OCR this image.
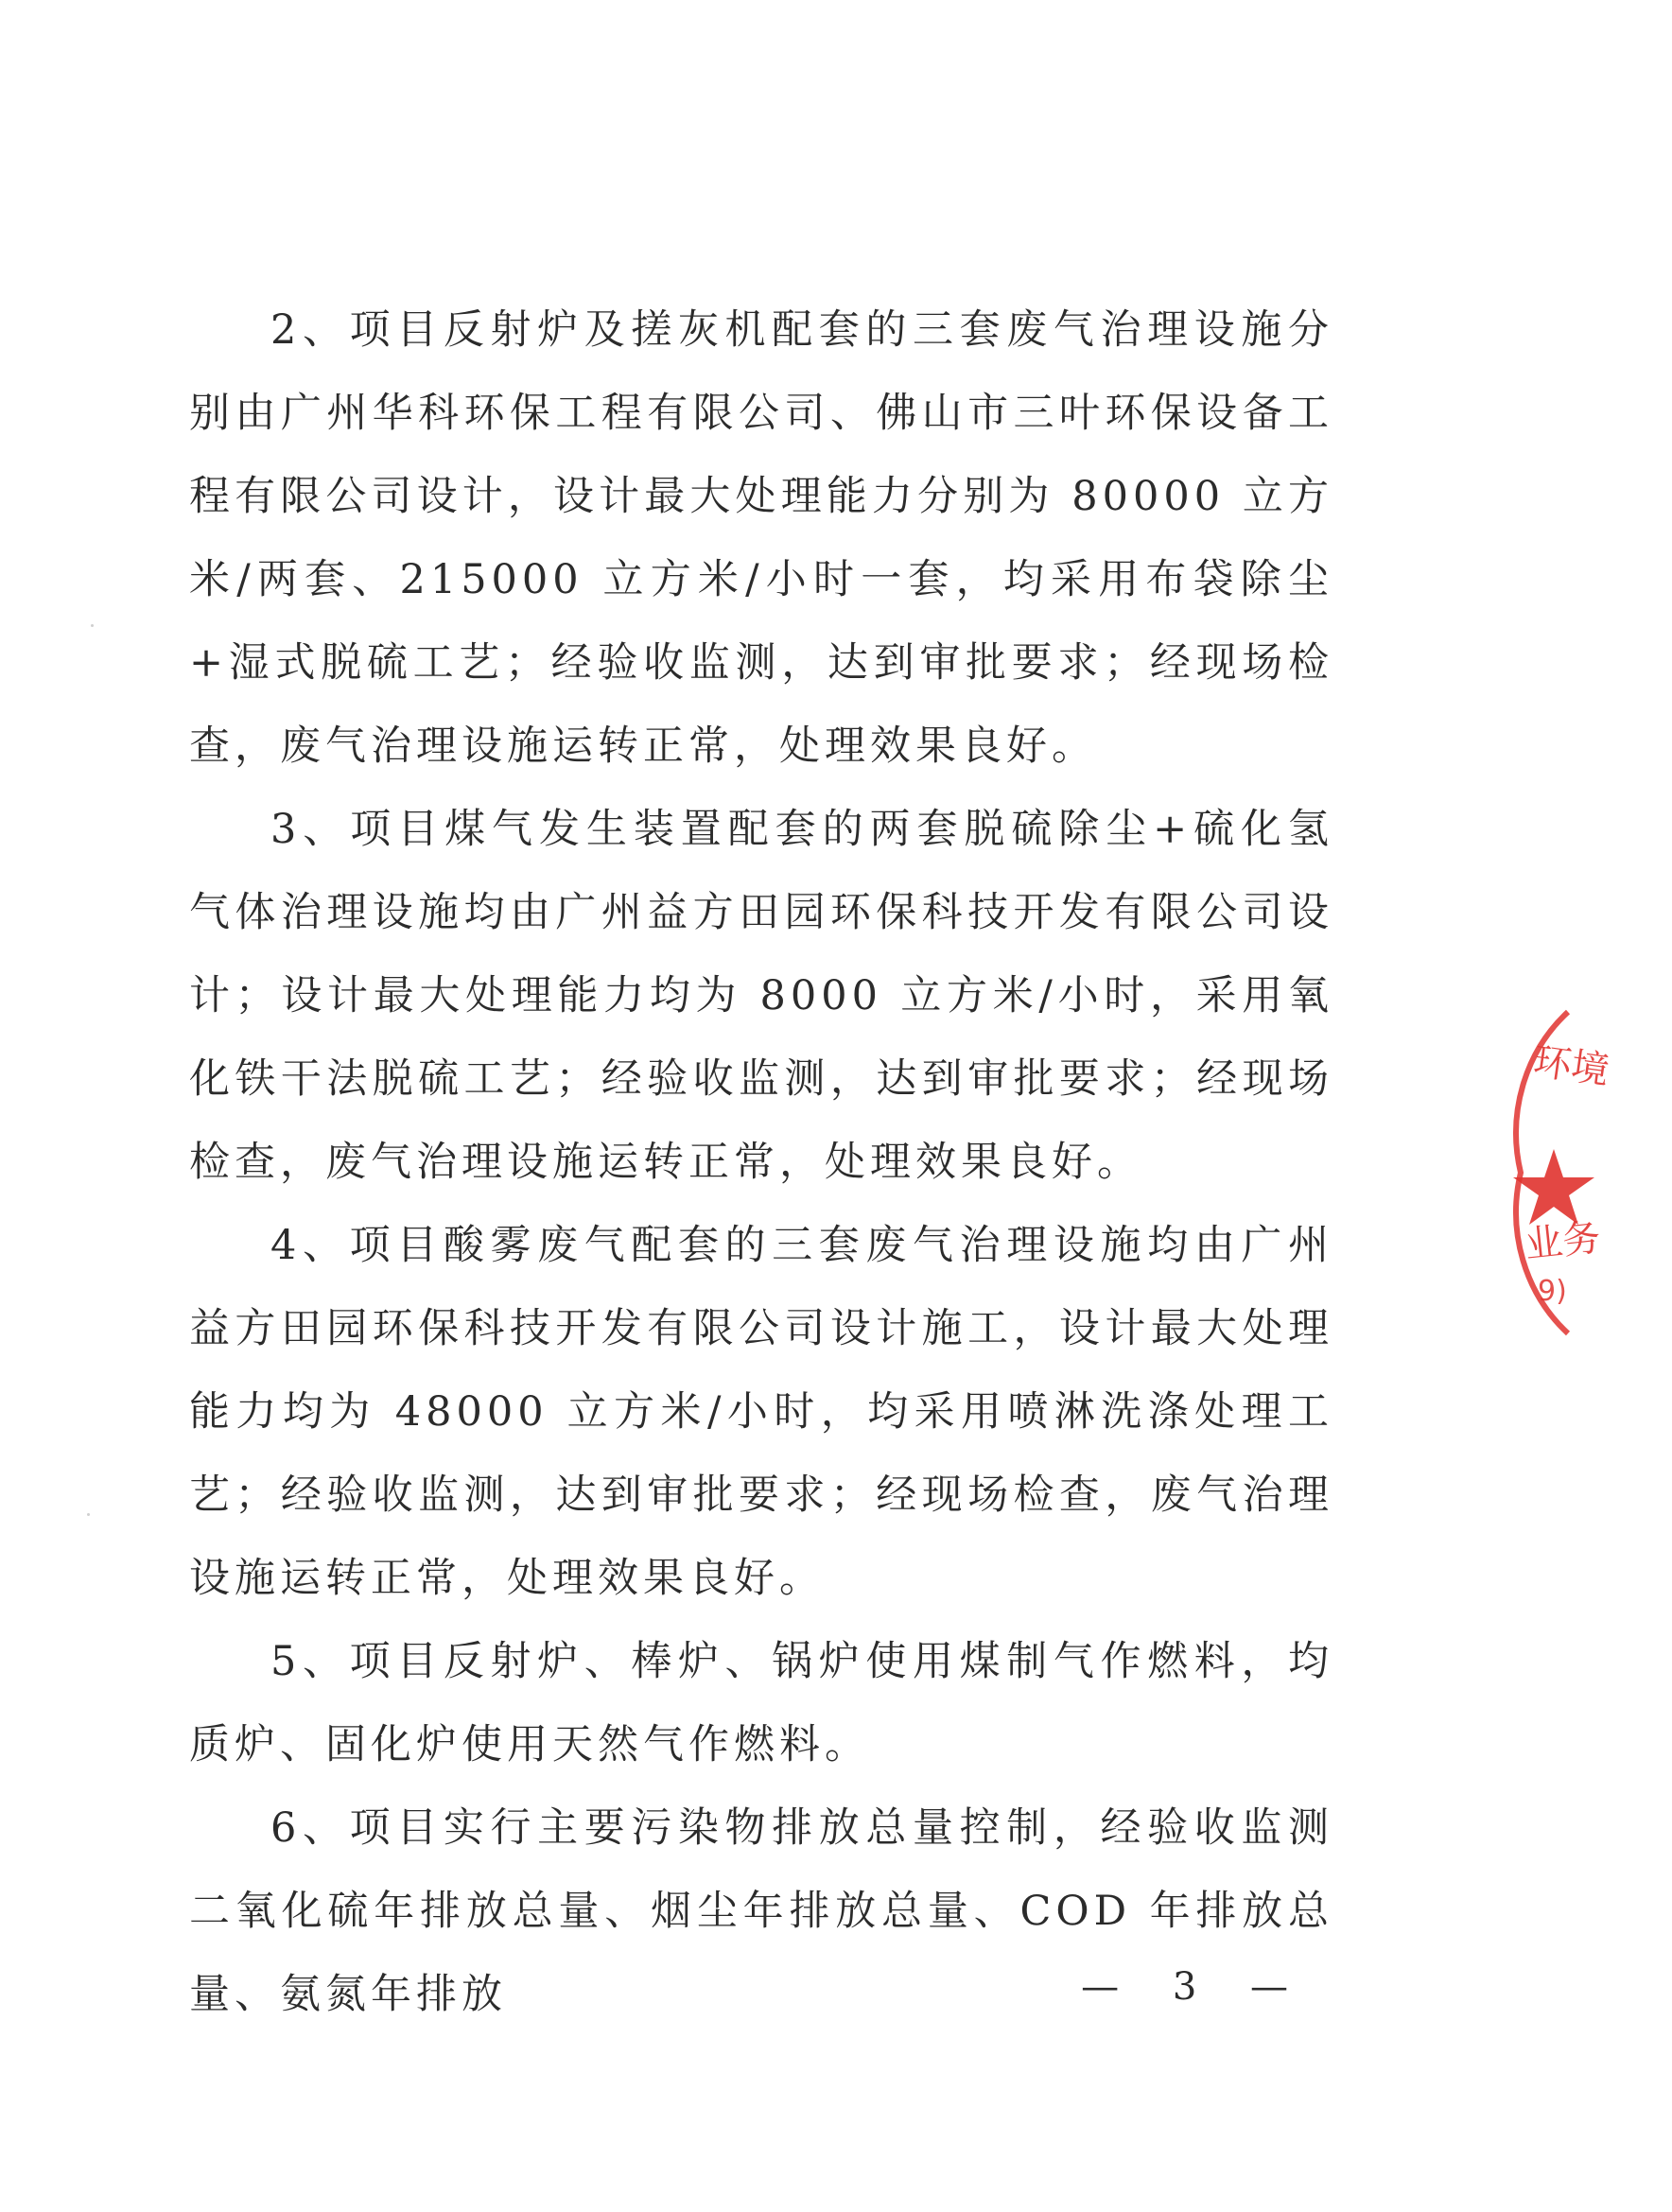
2、项目反射炉及搓灰机配套的三套废气治理设施分别由广州华科环保工程有限公司、佛山市三叶环保设备工程有限公司设计，设计最大处理能力分别为 80000 立方米/两套、215000 立方米/小时一套，均采用布袋除尘+湿式脱硫工艺；经验收监测，达到审批要求；经现场检查，废气治理设施运转正常，处理效果良好。

3、项目煤气发生装置配套的两套脱硫除尘+硫化氢气体治理设施均由广州益方田园环保科技开发有限公司设计；设计最大处理能力均为 8000 立方米/小时，采用氧化铁干法脱硫工艺；经验收监测，达到审批要求；经现场检查，废气治理设施运转正常，处理效果良好。

4、项目酸雾废气配套的三套废气治理设施均由广州益方田园环保科技开发有限公司设计施工，设计最大处理能力均为 48000 立方米/小时，均采用喷淋洗涤处理工艺；经验收监测，达到审批要求；经现场检查，废气治理设施运转正常，处理效果良好。

5、项目反射炉、棒炉、锅炉使用煤制气作燃料，均质炉、固化炉使用天然气作燃料。

6、项目实行主要污染物排放总量控制，经验收监测二氧化硫年排放总量、烟尘年排放总量、COD 年排放总量、氨氮年排放

环境
业务
9)
— 3 —
